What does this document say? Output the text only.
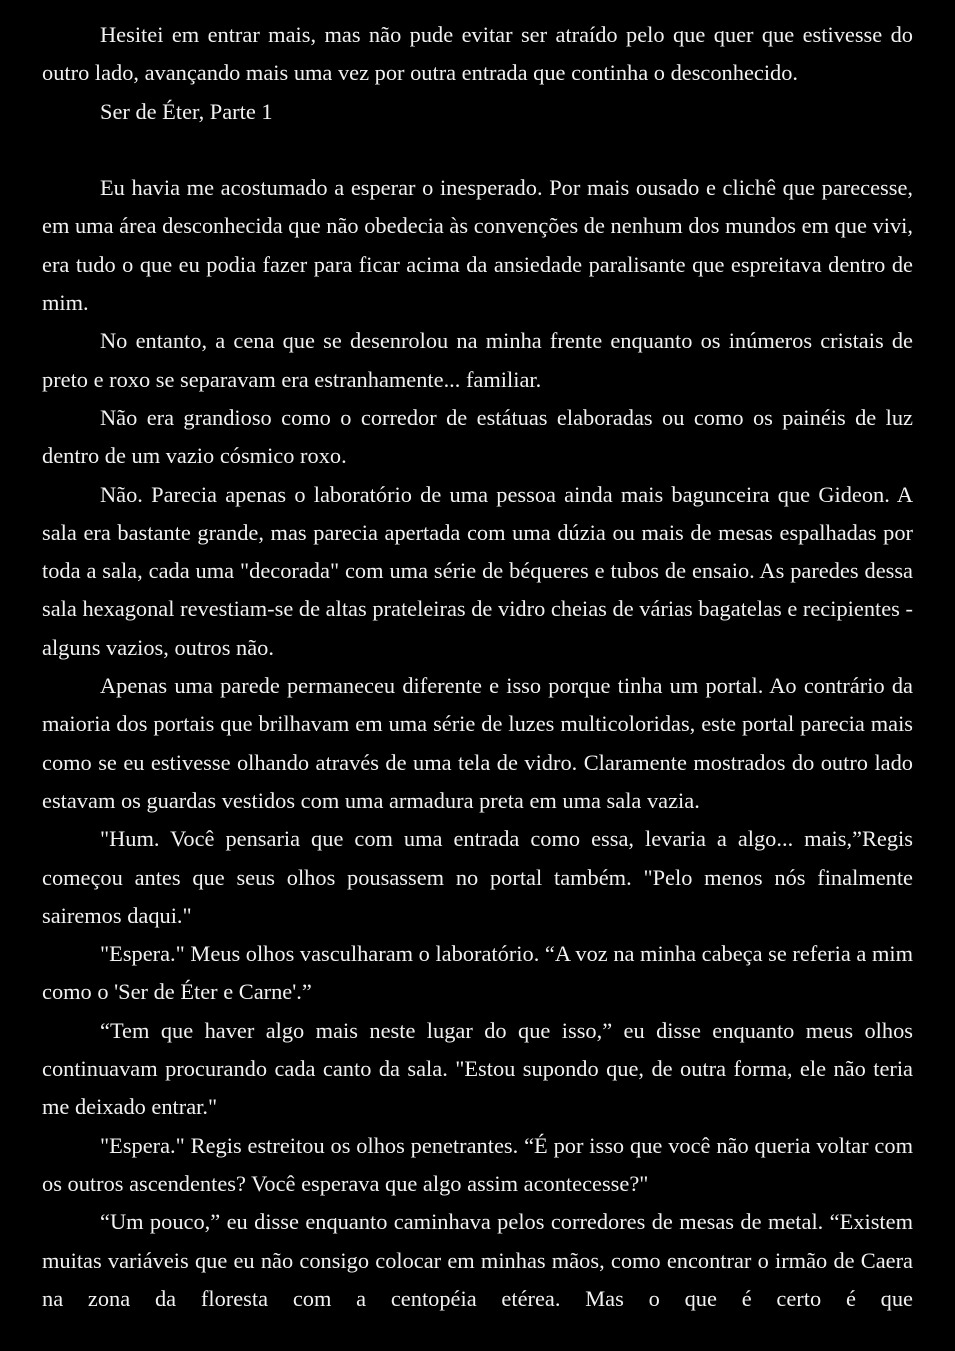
Hesitei em entrar mais, mas não pude evitar ser atraído pelo que quer que estivesse do outro lado, avançando mais uma vez por outra entrada que continha o desconhecido.

Ser de Éter, Parte 1

Eu havia me acostumado a esperar o inesperado. Por mais ousado e clichê que parecesse, em uma área desconhecida que não obedecia às convenções de nenhum dos mundos em que vivi, era tudo o que eu podia fazer para ficar acima da ansiedade paralisante que espreitava dentro de mim.

No entanto, a cena que se desenrolou na minha frente enquanto os inúmeros cristais de preto e roxo se separavam era estranhamente... familiar.

Não era grandioso como o corredor de estátuas elaboradas ou como os painéis de luz dentro de um vazio cósmico roxo.

Não. Parecia apenas o laboratório de uma pessoa ainda mais bagunceira que Gideon. A sala era bastante grande, mas parecia apertada com uma dúzia ou mais de mesas espalhadas por toda a sala, cada uma "decorada" com uma série de béqueres e tubos de ensaio. As paredes dessa sala hexagonal revestiam-se de altas prateleiras de vidro cheias de várias bagatelas e recipientes - alguns vazios, outros não.

Apenas uma parede permaneceu diferente e isso porque tinha um portal. Ao contrário da maioria dos portais que brilhavam em uma série de luzes multicoloridas, este portal parecia mais como se eu estivesse olhando através de uma tela de vidro. Claramente mostrados do outro lado estavam os guardas vestidos com uma armadura preta em uma sala vazia.

"Hum. Você pensaria que com uma entrada como essa, levaria a algo... mais,”Regis começou antes que seus olhos pousassem no portal também. "Pelo menos nós finalmente sairemos daqui."

"Espera." Meus olhos vasculharam o laboratório. “A voz na minha cabeça se referia a mim como o 'Ser de Éter e Carne'.”

“Tem que haver algo mais neste lugar do que isso,” eu disse enquanto meus olhos continuavam procurando cada canto da sala. "Estou supondo que, de outra forma, ele não teria me deixado entrar."

"Espera." Regis estreitou os olhos penetrantes. “É por isso que você não queria voltar com os outros ascendentes? Você esperava que algo assim acontecesse?"

“Um pouco,” eu disse enquanto caminhava pelos corredores de mesas de metal. “Existem muitas variáveis que eu não consigo colocar em minhas mãos, como encontrar o irmão de Caera na zona da floresta com a centopéia etérea. Mas o que é certo é que
